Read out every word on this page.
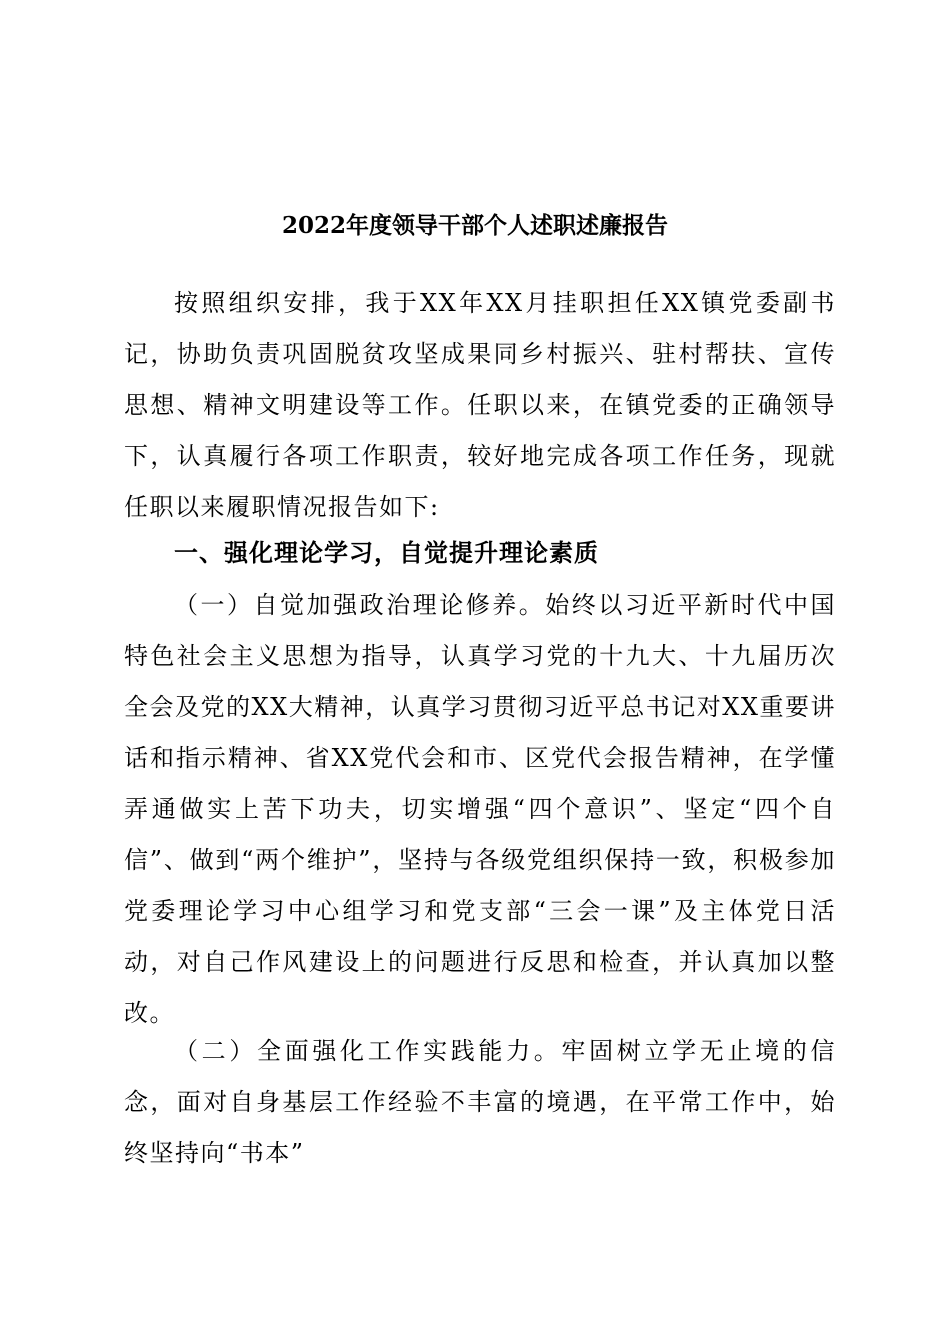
2022年度领导干部个人述职述廉报告

按照组织安排，我于XX年XX月挂职担任XX镇党委副书记，协助负责巩固脱贫攻坚成果同乡村振兴、驻村帮扶、宣传思想、精神文明建设等工作。任职以来，在镇党委的正确领导下，认真履行各项工作职责，较好地完成各项工作任务，现就任职以来履职情况报告如下:

一、强化理论学习，自觉提升理论素质

（一）自觉加强政治理论修养。始终以习近平新时代中国特色社会主义思想为指导，认真学习党的十九大、十九届历次全会及党的XX大精神，认真学习贯彻习近平总书记对XX重要讲话和指示精神、省XX党代会和市、区党代会报告精神，在学懂弄通做实上苦下功夫，切实增强“四个意识”、坚定“四个自信”、做到“两个维护”，坚持与各级党组织保持一致，积极参加党委理论学习中心组学习和党支部“三会一课”及主体党日活动，对自己作风建设上的问题进行反思和检查，并认真加以整改。

（二）全面强化工作实践能力。牢固树立学无止境的信念，面对自身基层工作经验不丰富的境遇，在平常工作中，始终坚持向“书本”
